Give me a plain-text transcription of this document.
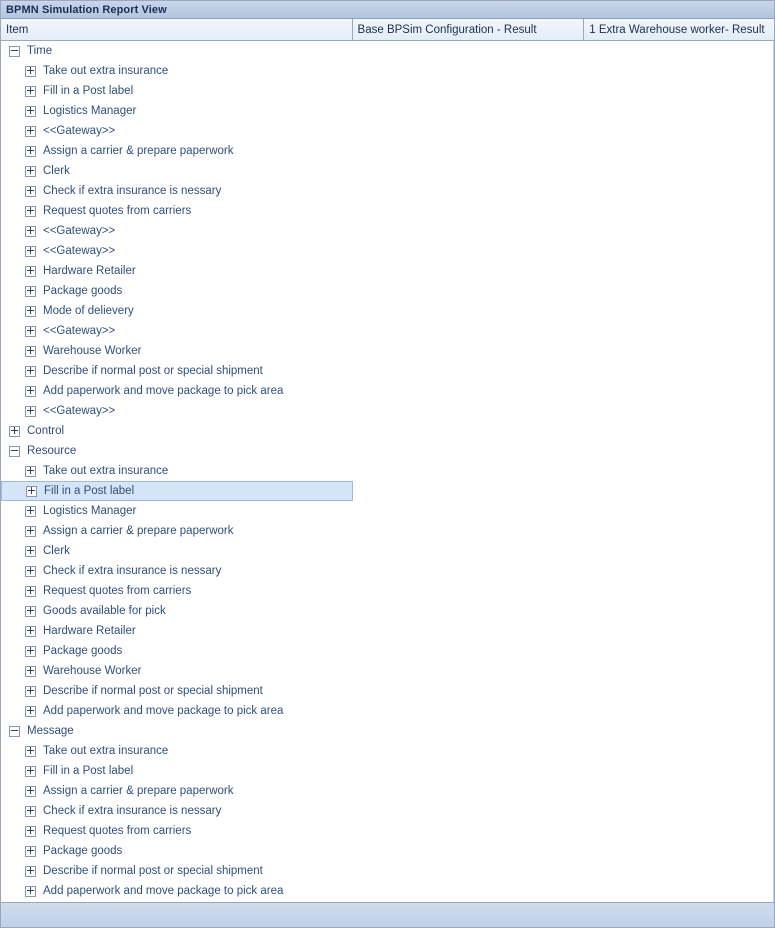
BPMN Simulation Report View
Item	Base BPSim Configuration - Result	1 Extra Warehouse worker- Result
Time
Take out extra insurance
Fill in a Post label
Logistics Manager
<<Gateway>>
Assign a carrier & prepare paperwork
Clerk
Check if extra insurance is nessary
Request quotes from carriers
<<Gateway>>
<<Gateway>>
Hardware Retailer
Package goods
Mode of delievery
<<Gateway>>
Warehouse Worker
Describe if normal post or special shipment
Add paperwork and move package to pick area
<<Gateway>>
Control
Resource
Take out extra insurance
Fill in a Post label
Logistics Manager
Assign a carrier & prepare paperwork
Clerk
Check if extra insurance is nessary
Request quotes from carriers
Goods available for pick
Hardware Retailer
Package goods
Warehouse Worker
Describe if normal post or special shipment
Add paperwork and move package to pick area
Message
Take out extra insurance
Fill in a Post label
Assign a carrier & prepare paperwork
Check if extra insurance is nessary
Request quotes from carriers
Package goods
Describe if normal post or special shipment
Add paperwork and move package to pick area
